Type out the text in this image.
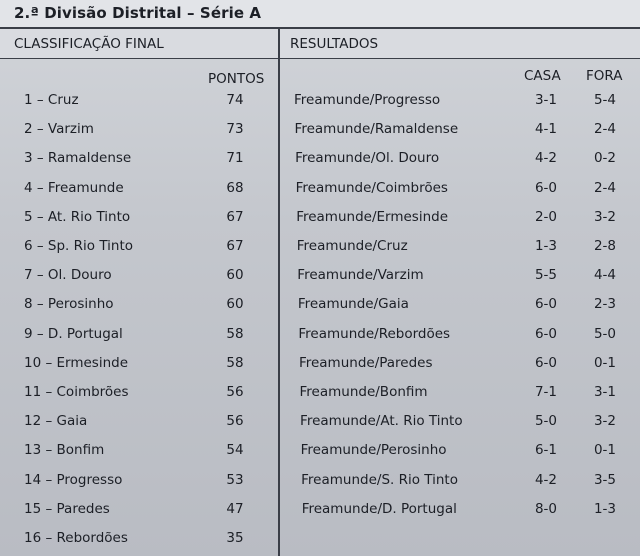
2.ª Divisão Distrital – Série A
CLASSIFICAÇÃO FINAL	RESULTADOS
PONTOS	CASA FORA
1 – Cruz	74
2 – Varzim	73
3 – Ramaldense	71
4 – Freamunde	68
5 – At. Rio Tinto	67
6 – Sp. Rio Tinto	67
7 – Ol. Douro	60
8 – Perosinho	60
9 – D. Portugal	58
10 – Ermesinde	58
11 – Coimbrões	56
12 – Gaia	56
13 – Bonfim	54
14 – Progresso	53
15 – Paredes	47
16 – Rebordões	35
Freamunde/Progresso	3-1	5-4
Freamunde/Ramaldense	4-1	2-4
Freamunde/Ol. Douro	4-2	0-2
Freamunde/Coimbrões	6-0	2-4
Freamunde/Ermesinde	2-0	3-2
Freamunde/Cruz	1-3	2-8
Freamunde/Varzim	5-5	4-4
Freamunde/Gaia	6-0	2-3
Freamunde/Rebordões	6-0	5-0
Freamunde/Paredes	6-0	0-1
Freamunde/Bonfim	7-1	3-1
Freamunde/At. Rio Tinto	5-0	3-2
Freamunde/Perosinho	6-1	0-1
Freamunde/S. Rio Tinto	4-2	3-5
Freamunde/D. Portugal	8-0	1-3
